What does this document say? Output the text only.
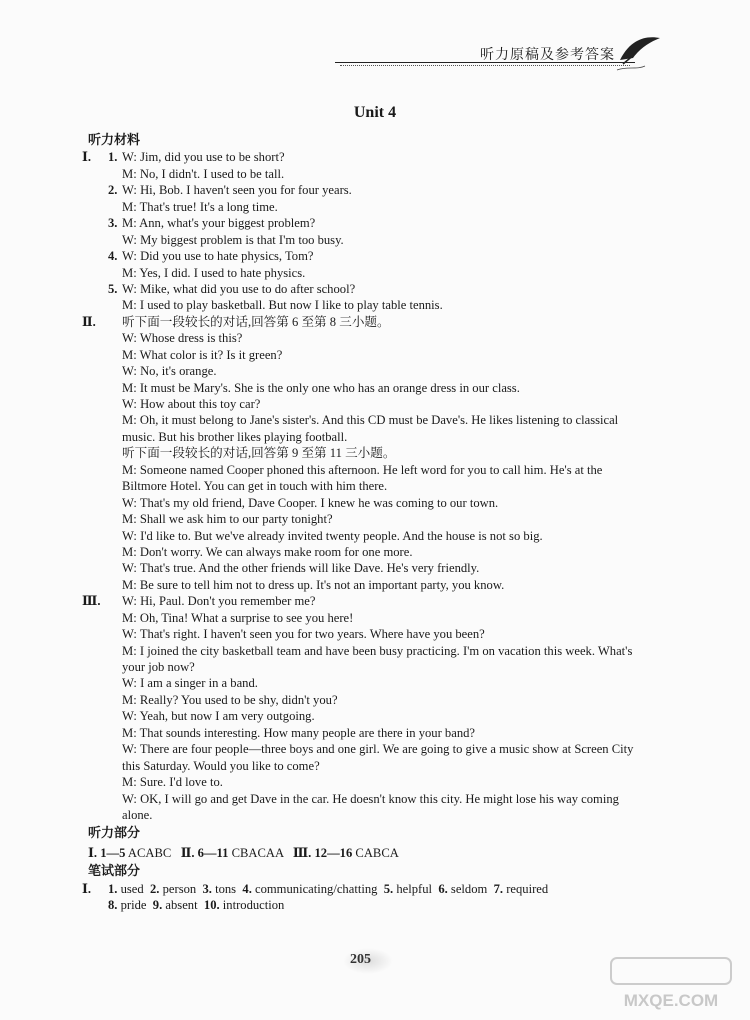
听力原稿及参考答案
Unit 4
听力材料
Ⅰ. 1. W: Jim, did you use to be short?
M: No, I didn't. I used to be tall.
2. W: Hi, Bob. I haven't seen you for four years.
M: That's true! It's a long time.
3. M: Ann, what's your biggest problem?
W: My biggest problem is that I'm too busy.
4. W: Did you use to hate physics, Tom?
M: Yes, I did. I used to hate physics.
5. W: Mike, what did you use to do after school?
M: I used to play basketball. But now I like to play table tennis.
Ⅱ. 听下面一段较长的对话,回答第 6 至第 8 三小题。
W: Whose dress is this?
M: What color is it? Is it green?
W: No, it's orange.
M: It must be Mary's. She is the only one who has an orange dress in our class.
W: How about this toy car?
M: Oh, it must belong to Jane's sister's. And this CD must be Dave's. He likes listening to classical
music. But his brother likes playing football.
听下面一段较长的对话,回答第 9 至第 11 三小题。
M: Someone named Cooper phoned this afternoon. He left word for you to call him. He's at the
Biltmore Hotel. You can get in touch with him there.
W: That's my old friend, Dave Cooper. I knew he was coming to our town.
M: Shall we ask him to our party tonight?
W: I'd like to. But we've already invited twenty people. And the house is not so big.
M: Don't worry. We can always make room for one more.
W: That's true. And the other friends will like Dave. He's very friendly.
M: Be sure to tell him not to dress up. It's not an important party, you know.
Ⅲ. W: Hi, Paul. Don't you remember me?
M: Oh, Tina! What a surprise to see you here!
W: That's right. I haven't seen you for two years. Where have you been?
M: I joined the city basketball team and have been busy practicing. I'm on vacation this week. What's
your job now?
W: I am a singer in a band.
M: Really? You used to be shy, didn't you?
W: Yeah, but now I am very outgoing.
M: That sounds interesting. How many people are there in your band?
W: There are four people—three boys and one girl. We are going to give a music show at Screen City
this Saturday. Would you like to come?
M: Sure. I'd love to.
W: OK, I will go and get Dave in the car. He doesn't know this city. He might lose his way coming
alone.
听力部分
Ⅰ. 1—5 ACABC Ⅱ. 6—11 CBACAA Ⅲ. 12—16 CABCA
笔试部分
Ⅰ. 1. used 2. person 3. tons 4. communicating/chatting 5. helpful 6. seldom 7. required
8. pride 9. absent 10. introduction
205
MXQE.COM
